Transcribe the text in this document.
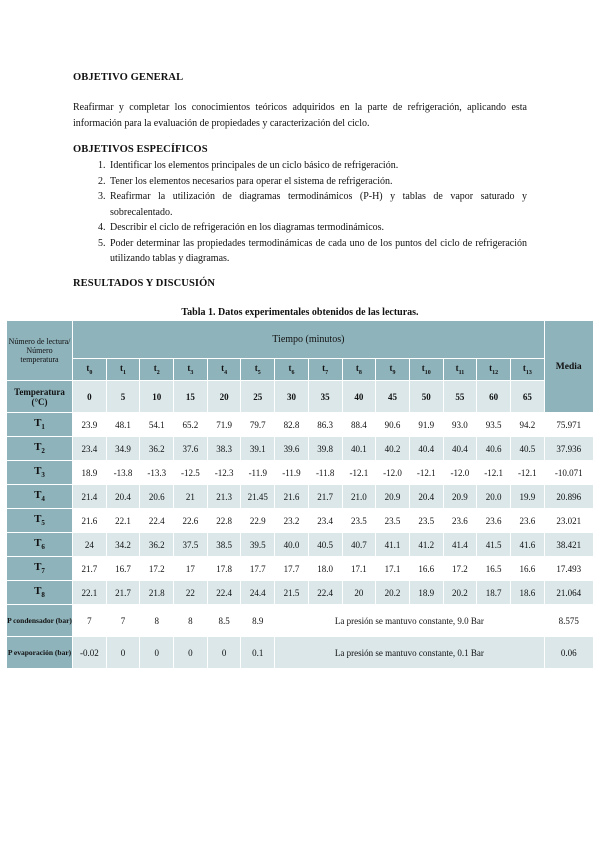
OBJETIVO GENERAL
Reafirmar y completar los conocimientos teóricos adquiridos en la parte de refrigeración, aplicando esta información para la evaluación de propiedades y caracterización del ciclo.
OBJETIVOS ESPECÍFICOS
1. Identificar los elementos principales de un ciclo básico de refrigeración.
2. Tener los elementos necesarios para operar el sistema de refrigeración.
3. Reafirmar la utilización de diagramas termodinámicos (P-H) y tablas de vapor saturado y sobrecalentado.
4. Describir el ciclo de refrigeración en los diagramas termodinámicos.
5. Poder determinar las propiedades termodinámicas de cada uno de los puntos del ciclo de refrigeración utilizando tablas y diagramas.
RESULTADOS Y DISCUSIÓN
Tabla 1. Datos experimentales obtenidos de las lecturas.
Número de lectura/ Número temperatura	Tiempo (minutos)														Media
	$t_0$	$t_1$	$t_2$	$t_3$	$t_4$	$t_5$	$t_6$	$t_7$	$t_8$	$t_9$	$t_{10}$	$t_{11}$	$t_{12}$	$t_{13}$
Temperatura (°C)	0	5	10	15	20	25	30	35	40	45	50	55	60	65	
$T_1$	23.9	48.1	54.1	65.2	71.9	79.7	82.8	86.3	88.4	90.6	91.9	93.0	93.5	94.2	75.971
$T_2$	23.4	34.9	36.2	37.6	38.3	39.1	39.6	39.8	40.1	40.2	40.4	40.4	40.6	40.5	37.936
$T_3$	18.9	-13.8	-13.3	-12.5	-12.3	-11.9	-11.9	-11.8	-12.1	-12.0	-12.1	-12.0	-12.1	-12.1	-10.071
$T_4$	21.4	20.4	20.6	21	21.3	21.45	21.6	21.7	21.0	20.9	20.4	20.9	20.0	19.9	20.896
$T_5$	21.6	22.1	22.4	22.6	22.8	22.9	23.2	23.4	23.5	23.5	23.5	23.6	23.6	23.6	23.021
$T_6$	24	34.2	36.2	37.5	38.5	39.5	40.0	40.5	40.7	41.1	41.2	41.4	41.5	41.6	38.421
$T_7$	21.7	16.7	17.2	17	17.8	17.7	17.7	18.0	17.1	17.1	16.6	17.2	16.5	16.6	17.493
$T_8$	22.1	21.7	21.8	22	22.4	24.4	21.5	22.4	20	20.2	18.9	20.2	18.7	18.6	21.064
P condensador (bar)	7	7	8	8	8.5	8.9	La presión se mantuvo constante, 9.0 Bar								8.575
P evaporación (bar)	-0.02	0	0	0	0	0.1	La presión se mantuvo constante, 0.1 Bar								0.06
